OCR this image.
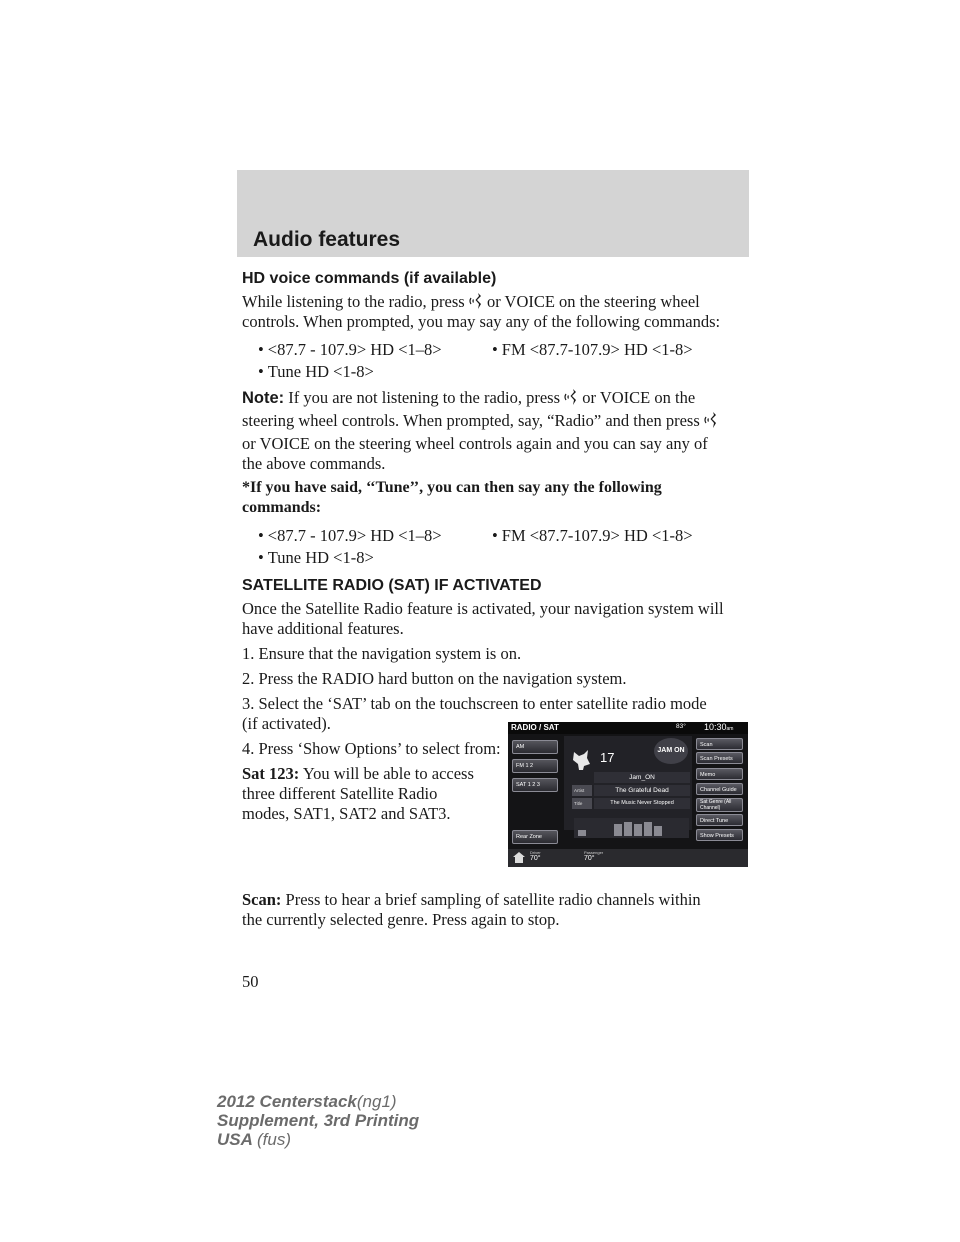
Audio features
HD voice commands (if available)
While listening to the radio, press or VOICE on the steering wheel
controls. When prompted, you may say any of the following commands:
• <87.7 - 107.9> HD <1–8>	• FM <87.7-107.9> HD <1-8>
• Tune HD <1-8>
Note: If you are not listening to the radio, press or VOICE on the
steering wheel controls. When prompted, say, “Radio” and then press
or VOICE on the steering wheel controls again and you can say any of
the above commands.
*If you have said, ‘‘Tune’’, you can then say any the following
commands:
• <87.7 - 107.9> HD <1–8>	• FM <87.7-107.9> HD <1-8>
• Tune HD <1-8>
SATELLITE RADIO (SAT) IF ACTIVATED
Once the Satellite Radio feature is activated, your navigation system will
have additional features.
1. Ensure that the navigation system is on.
2. Press the RADIO hard button on the navigation system.
3. Select the ‘SAT’ tab on the touchscreen to enter satellite radio mode
(if activated).
4. Press ‘Show Options’ to select from:
Sat 123: You will be able to access
three different Satellite Radio
modes, SAT1, SAT2 and SAT3.
RADIO / SAT	83° 10:30am
AM
FM 1 2
SAT 1 2 3
Rear Zone
17	JAM ON
Jam_ON
Artist	The Grateful Dead
Title	The Music Never Stopped
Scan
Scan Presets
Memo
Channel Guide
Sat Genre (All Channel)
Direct Tune
Show Presets
Driver
70°
Passenger
70°
Scan: Press to hear a brief sampling of satellite radio channels within
the currently selected genre. Press again to stop.
50
2012 Centerstack(ng1)
Supplement, 3rd Printing
USA (fus)
